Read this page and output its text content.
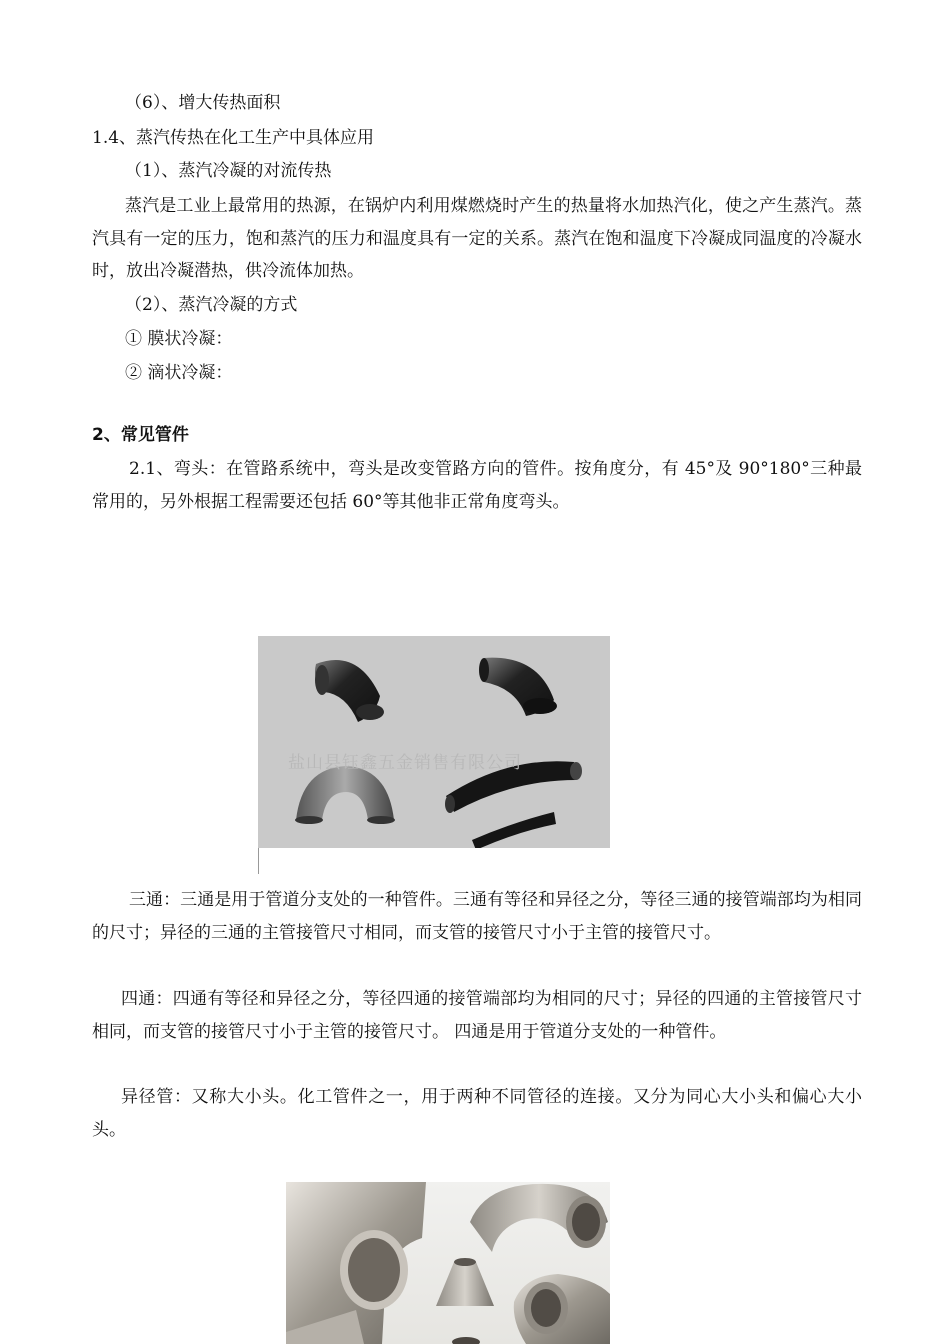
（6）、增大传热面积
1.4、蒸汽传热在化工生产中具体应用
（1）、蒸汽冷凝的对流传热
蒸汽是工业上最常用的热源，在锅炉内利用煤燃烧时产生的热量将水加热汽化，使之产生蒸汽。蒸汽具有一定的压力，饱和蒸汽的压力和温度具有一定的关系。蒸汽在饱和温度下冷凝成同温度的冷凝水时，放出冷凝潜热，供冷流体加热。
（2）、蒸汽冷凝的方式
① 膜状冷凝：
② 滴状冷凝：
2、常见管件
2.1、弯头：在管路系统中，弯头是改变管路方向的管件。按角度分，有 45°及 90°180°三种最常用的，另外根据工程需要还包括 60°等其他非正常角度弯头。
盐山县钰鑫五金销售有限公司
三通：三通是用于管道分支处的一种管件。三通有等径和异径之分，等径三通的接管端部均为相同的尺寸；异径的三通的主管接管尺寸相同，而支管的接管尺寸小于主管的接管尺寸。
四通：四通有等径和异径之分，等径四通的接管端部均为相同的尺寸；异径的四通的主管接管尺寸相同，而支管的接管尺寸小于主管的接管尺寸。 四通是用于管道分支处的一种管件。
异径管：又称大小头。化工管件之一，用于两种不同管径的连接。又分为同心大小头和偏心大小头。
